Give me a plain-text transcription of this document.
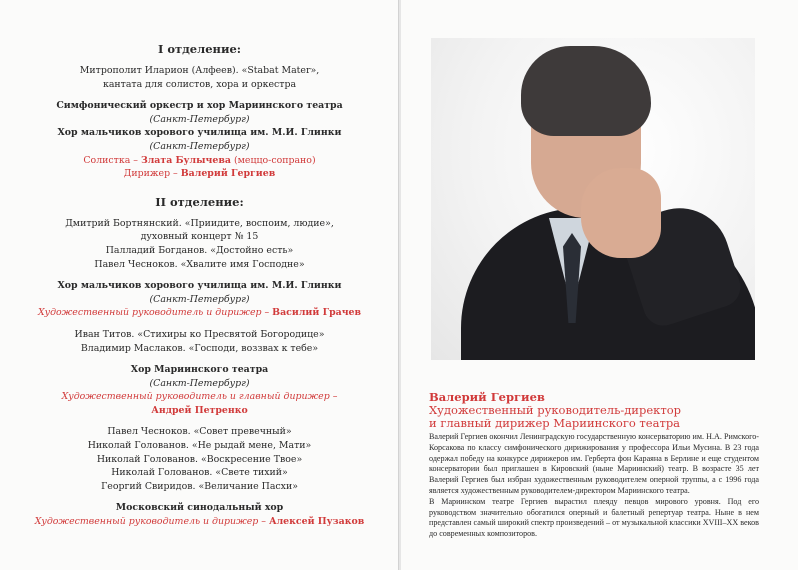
I отделение:
Митрополит Иларион (Алфеев). «Stabat Mater»,
кантата для солистов, хора и оркестра
Симфонический оркестр и хор Мариинского театра
(Санкт-Петербург)
Хор мальчиков хорового училища им. М.И. Глинки
(Санкт-Петербург)
Солистка – Злата Булычева (меццо-сопрано)
Дирижер – Валерий Гергиев
II отделение:
Дмитрий Бортнянский. «Приидите, воспоим, людие»,
духовный концерт № 15
Палладий Богданов. «Достойно есть»
Павел Чесноков. «Хвалите имя Господне»
Хор мальчиков хорового училища им. М.И. Глинки
(Санкт-Петербург)
Художественный руководитель и дирижер – Василий Грачев
Иван Титов. «Стихиры ко Пресвятой Богородице»
Владимир Маслаков. «Господи, воззвах к тебе»
Хор Мариинского театра
(Санкт-Петербург)
Художественный руководитель и главный дирижер –
Андрей Петренко
Павел Чесноков. «Совет превечный»
Николай Голованов. «Не рыдай мене, Мати»
Николай Голованов. «Воскресение Твое»
Николай Голованов. «Свете тихий»
Георгий Свиридов. «Величание Пасхи»
Московский синодальный хор
Художественный руководитель и дирижер – Алексей Пузаков
Валерий Гергиев
Художественный руководитель-директор
и главный дирижер Мариинского театра

Валерий Гергиев окончил Ленинградскую государственную консерваторию им. Н.А. Римского-Корсакова по классу симфонического дирижирования у профессора Ильи Мусина. В 23 года одержал победу на конкурсе дирижеров им. Герберта фон Караяна в Берлине и еще студентом консерватории был приглашен в Кировский (ныне Мариинский) театр. В возрасте 35 лет Валерий Гергиев был избран художественным руководителем оперной труппы, а с 1996 года является художественным руководителем-директором Мариинского театра.

В Мариинском театре Гергиев вырастил плеяду певцов мирового уровня. Под его руководством значительно обогатился оперный и балетный репертуар театра. Ныне в нем представлен самый широкий спектр произведений – от музыкальной классики XVIII–XX веков до современных композиторов.
